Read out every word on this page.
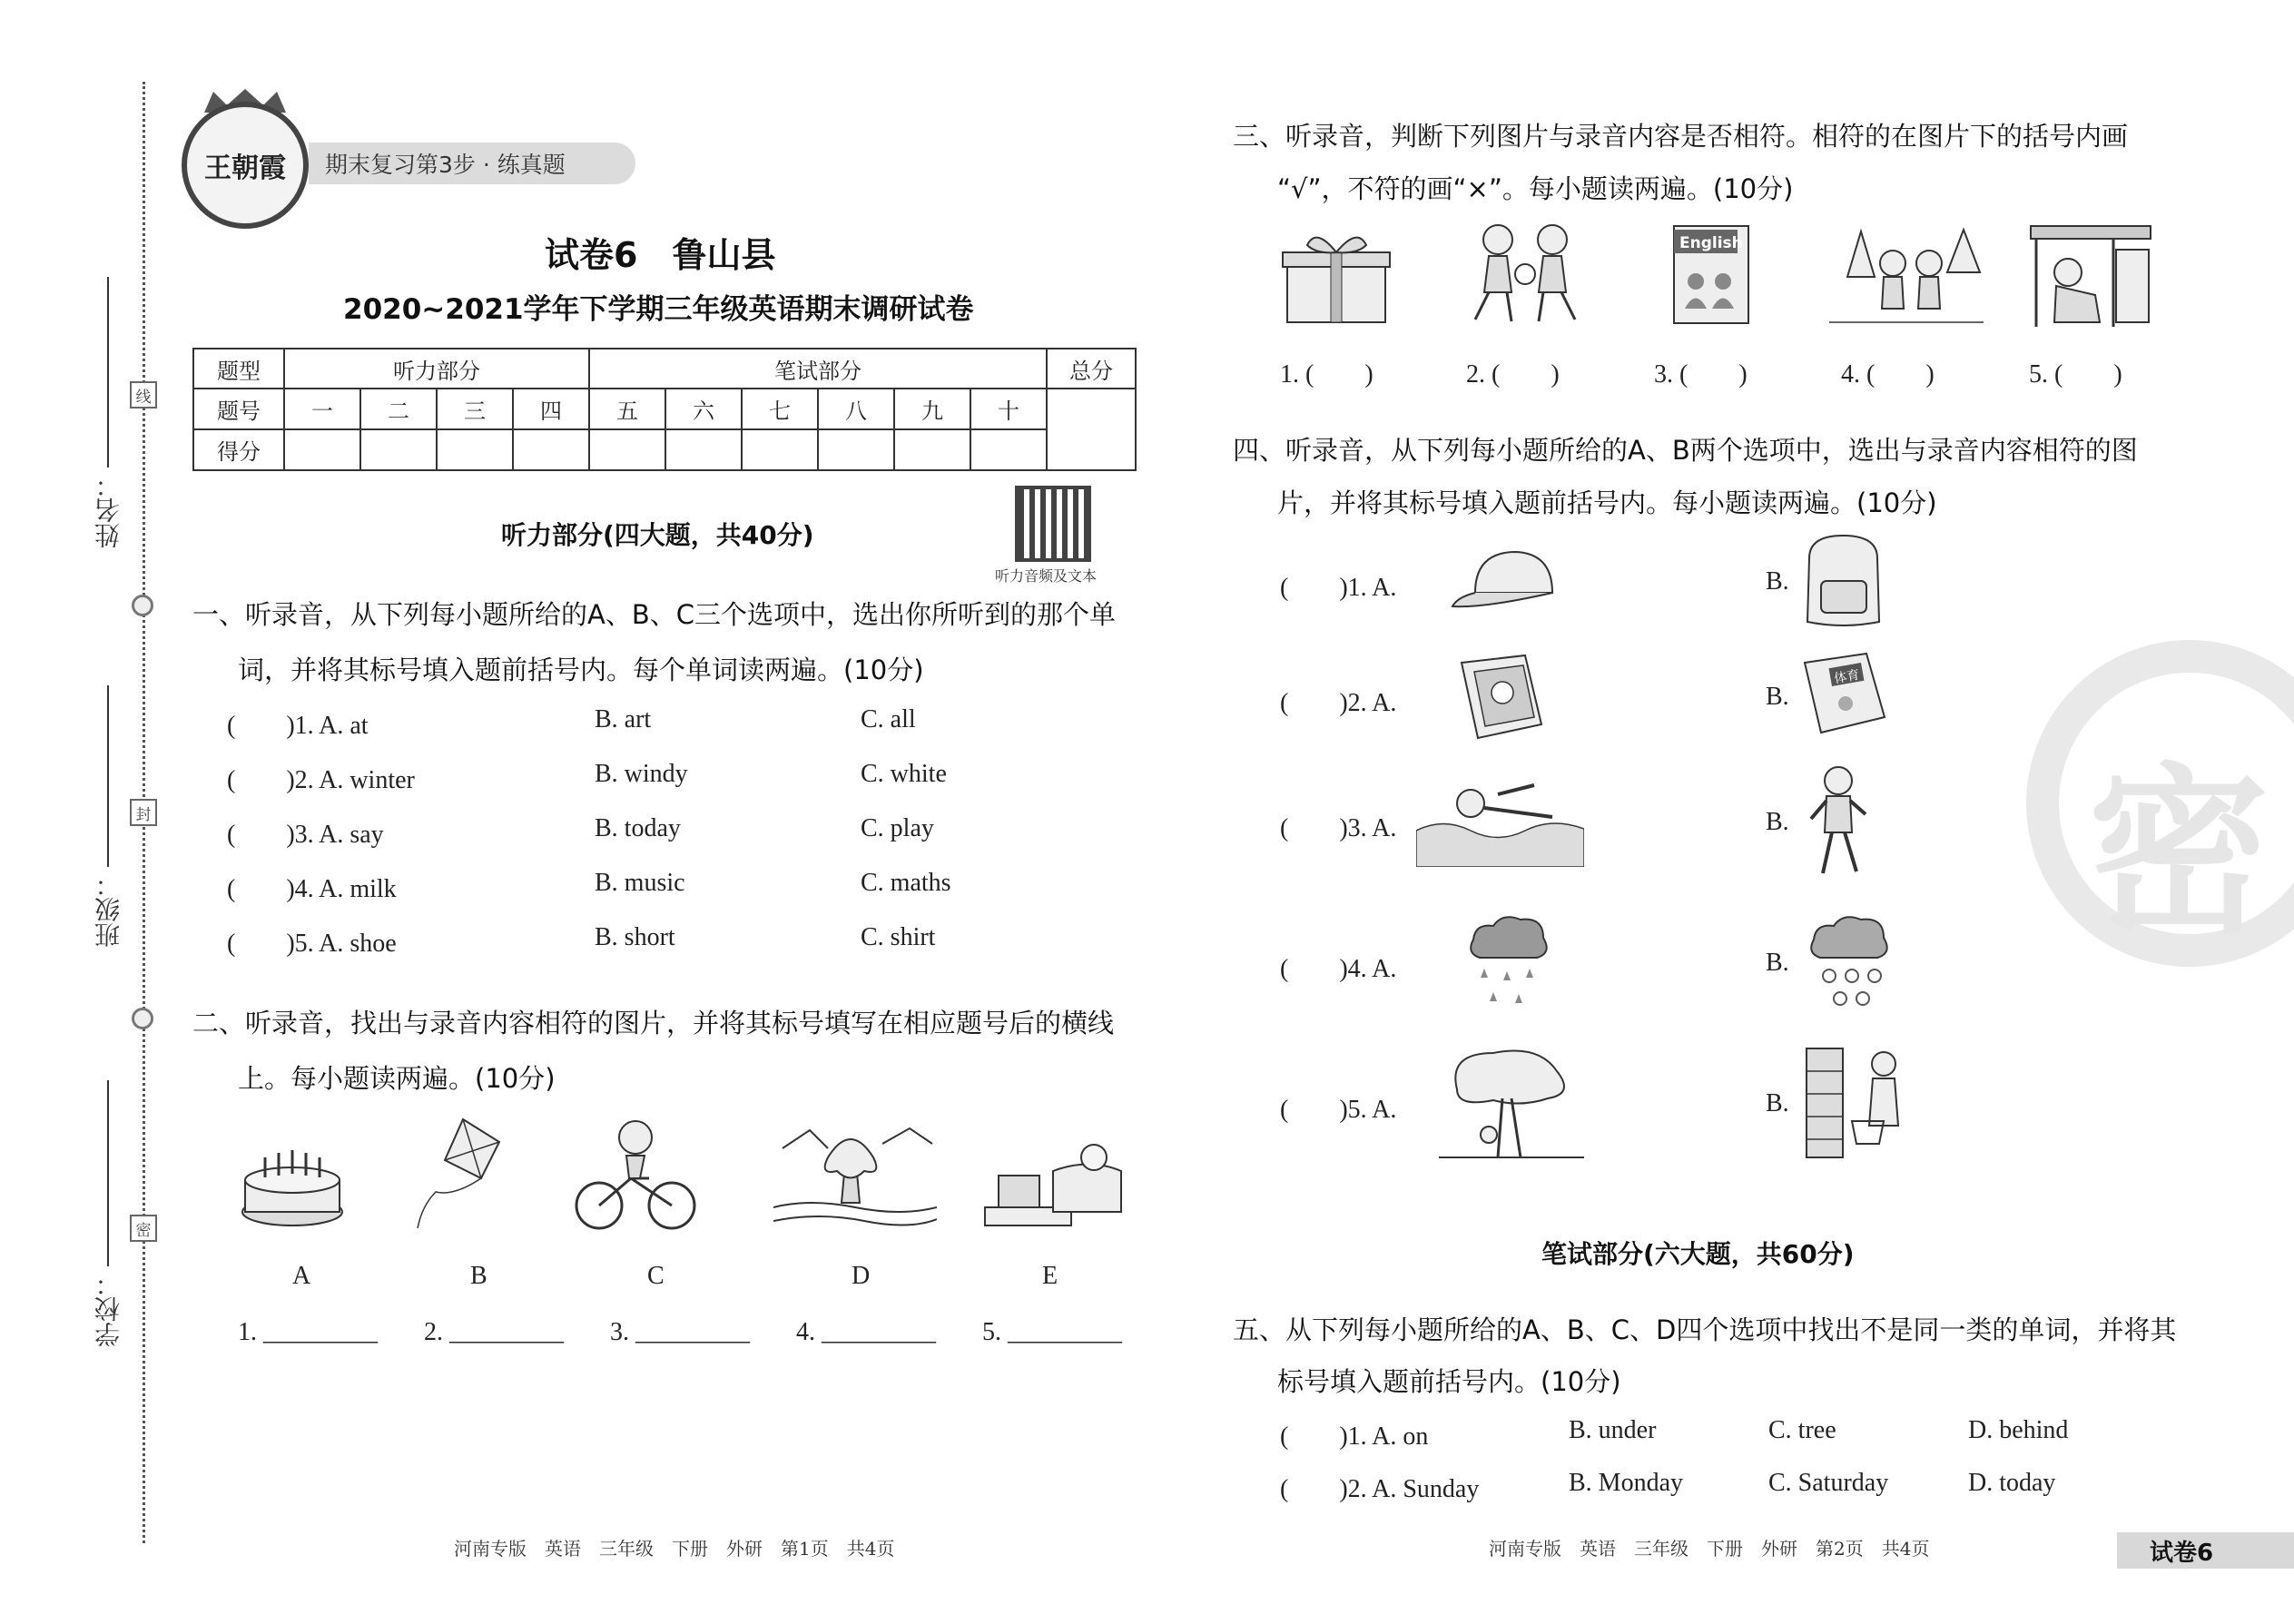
姓名：
班级：
学校：
线
封
密
王朝霞	期末复习第3步 · 练真题
试卷6　鲁山县
2020~2021学年下学期三年级英语期末调研试卷
题型	听力部分				笔试部分						总分
题号	一	二	三	四	五	六	七	八	九	十	
得分											
听力部分(四大题，共40分)
听力音频及文本
一、听录音，从下列每小题所给的A、B、C三个选项中，选出你所听到的那个单
词，并将其标号填入题前括号内。每个单词读两遍。(10分)
(　　)1. A. at	B. art	C. all
(　　)2. A. winter	B. windy	C. white
(　　)3. A. say	B. today	C. play
(　　)4. A. milk	B. music	C. maths
(　　)5. A. shoe	B. short	C. shirt
二、听录音，找出与录音内容相符的图片，并将其标号填写在相应题号后的横线
上。每小题读两遍。(10分)
A	B	C	D	E
1. _________ 2. _________ 3. _________ 4. _________ 5. _________
河南专版　英语　三年级　下册　外研　第1页　共4页
三、听录音，判断下列图片与录音内容是否相符。相符的在图片下的括号内画
“√”，不符的画“×”。每小题读两遍。(10分)
English
1. (　　)	2. (　　)	3. (　　)	4. (　　)	5. (　　)
四、听录音，从下列每小题所给的A、B两个选项中，选出与录音内容相符的图
片，并将其标号填入题前括号内。每小题读两遍。(10分)
(　　)1. A.	B.
(　　)2. A.	B.
(　　)3. A.	B.
(　　)4. A.	B.
(　　)5. A.	B.
体育
笔试部分(六大题，共60分)
五、从下列每小题所给的A、B、C、D四个选项中找出不是同一类的单词，并将其
标号填入题前括号内。(10分)
(　　)1. A. on	B. under	C. tree	D. behind
(　　)2. A. Sunday	B. Monday	C. Saturday	D. today
密
河南专版　英语　三年级　下册　外研　第2页　共4页	试卷6
